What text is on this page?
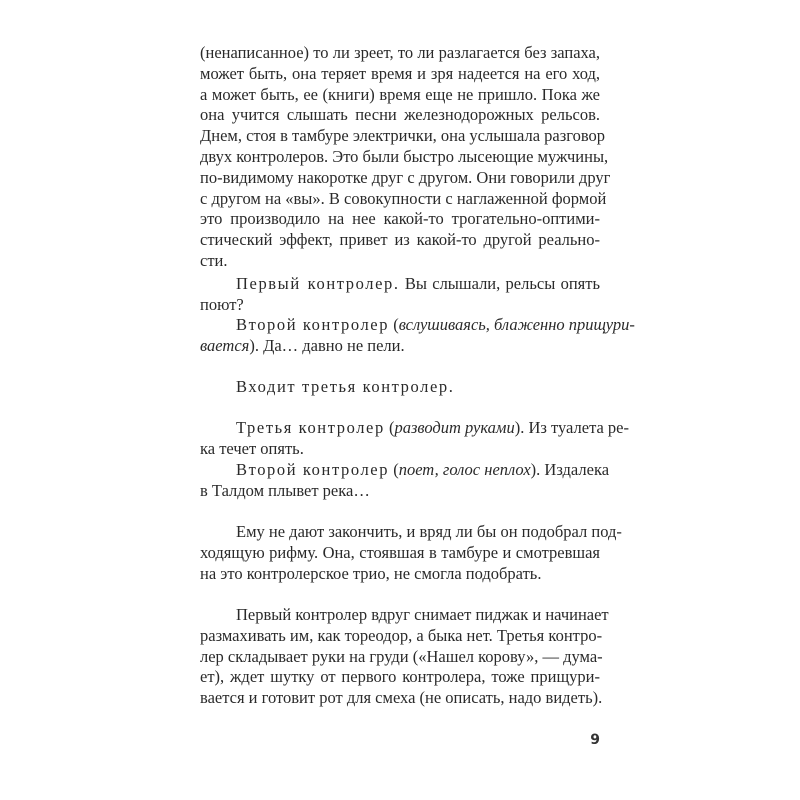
(ненаписанное) то ли зреет, то ли разлагается без запаха,
может быть, она теряет время и зря надеется на его ход,
а может быть, ее (книги) время еще не пришло. Пока же
она учится слышать песни железнодорожных рельсов.
Днем, стоя в тамбуре электрички, она услышала разговор
двух контролеров. Это были быстро лысеющие мужчины,
по-видимому накоротке друг с другом. Они говорили друг
с другом на «вы». В совокупности с наглаженной формой
это производило на нее какой-то трогательно-оптими-
стический эффект, привет из какой-то другой реально-
сти.
Первый контролер. Вы слышали, рельсы опять
поют?
Второй контролер (вслушиваясь, блаженно прищури-
вается). Да… давно не пели.
Входит третья контролер.
Третья контролер (разводит руками). Из туалета ре-
ка течет опять.
Второй контролер (поет, голос неплох). Издалека
в Талдом плывет река…
Ему не дают закончить, и вряд ли бы он подобрал под-
ходящую рифму. Она, стоявшая в тамбуре и смотревшая
на это контролерское трио, не смогла подобрать.
Первый контролер вдруг снимает пиджак и начинает
размахивать им, как тореодор, а быка нет. Третья контро-
лер складывает руки на груди («Нашел корову», — дума-
ет), ждет шутку от первого контролера, тоже прищури-
вается и готовит рот для смеха (не описать, надо видеть).
9
